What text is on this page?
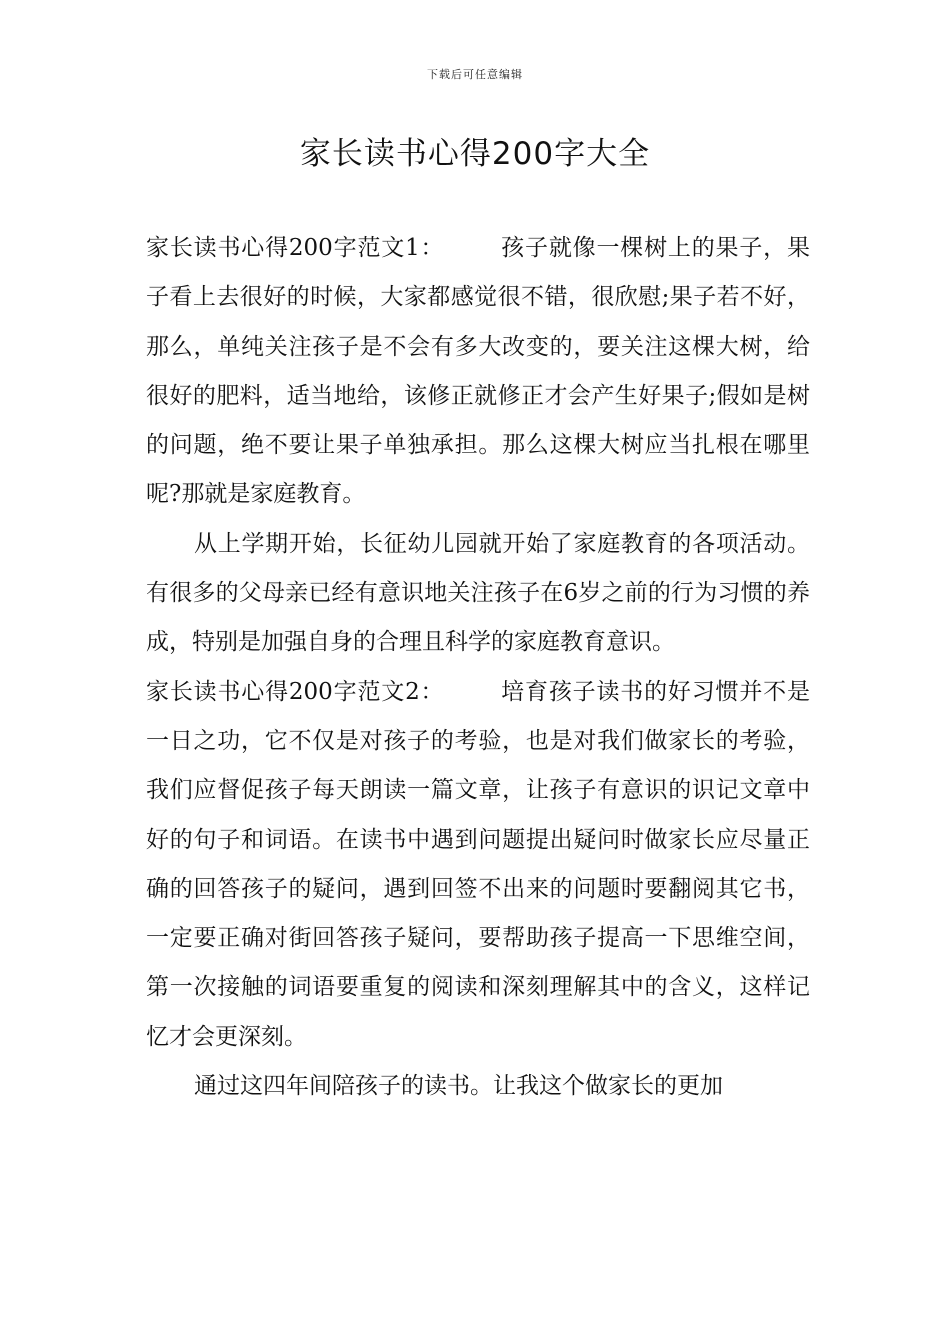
下载后可任意编辑
家长读书心得200字大全

家长读书心得200字范文1： 孩子就像一棵树上的果子，果子看上去很好的时候，大家都感觉很不错，很欣慰;果子若不好，那么，单纯关注孩子是不会有多大改变的，要关注这棵大树，给很好的肥料，适当地给，该修正就修正才会产生好果子;假如是树的问题，绝不要让果子单独承担。那么这棵大树应当扎根在哪里呢?那就是家庭教育。

从上学期开始，长征幼儿园就开始了家庭教育的各项活动。有很多的父母亲已经有意识地关注孩子在6岁之前的行为习惯的养成，特别是加强自身的合理且科学的家庭教育意识。

家长读书心得200字范文2： 培育孩子读书的好习惯并不是一日之功，它不仅是对孩子的考验，也是对我们做家长的考验，我们应督促孩子每天朗读一篇文章，让孩子有意识的识记文章中好的句子和词语。在读书中遇到问题提出疑问时做家长应尽量正确的回答孩子的疑问，遇到回签不出来的问题时要翻阅其它书，一定要正确对街回答孩子疑问，要帮助孩子提高一下思维空间，第一次接触的词语要重复的阅读和深刻理解其中的含义，这样记忆才会更深刻。

通过这四年间陪孩子的读书。让我这个做家长的更加
